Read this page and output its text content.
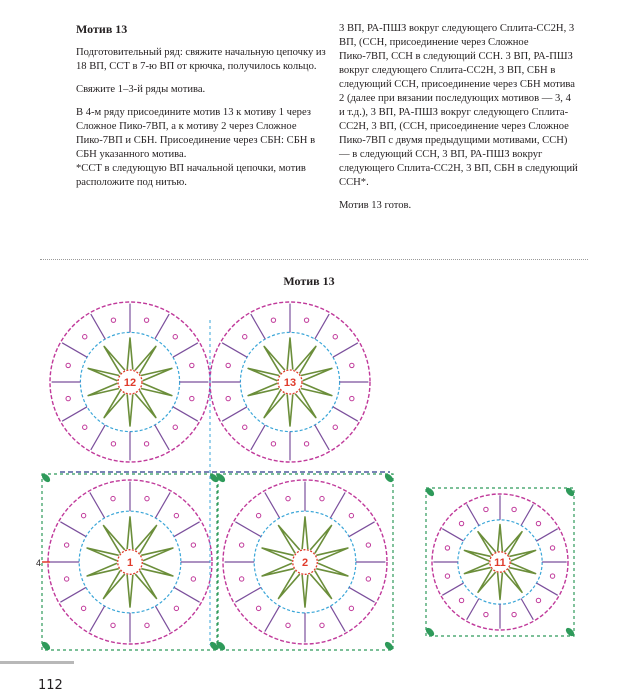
Мотив 13

Подготовительный ряд: свяжите начальную цепочку из 18 ВП, ССТ в 7-ю ВП от крючка, получилось кольцо.

Свяжите 1–3-й ряды мотива.

В 4-м ряду присоедините мотив 13 к мотиву 1 через Сложное Пико-7ВП, а к мотиву 2 через Сложное Пико-7ВП и СБН. Присоединение через СБН: СБН в СБН указанного мотива.

*ССТ в следующую ВП начальной цепочки, мотив расположите под нитью.

3 ВП, РА-ПШЗ вокруг следующего Сплита-СС2Н, 3 ВП, (ССН, присоединение через Сложное Пико-7ВП, ССН в следующий ССН. 3 ВП, РА-ПШЗ вокруг следующего Сплита-СС2Н, 3 ВП, СБН в следующий ССН, присоединение через СБН мотива 2 (далее при вязании последующих мотивов — 3, 4 и т.д.), 3 ВП, РА-ПШЗ вокруг следующего Сплита-СС2Н, 3 ВП, (ССН, присоединение через Сложное Пико-7ВП с двумя предыдущими мотивами, ССН) — в следующий ССН, 3 ВП, РА-ПШЗ вокруг следующего Сплита-СС2Н, 3 ВП, СБН в следующий ССН*.

Мотив 13 готов.

Мотив 13
12	13
1	2	11
4
112
